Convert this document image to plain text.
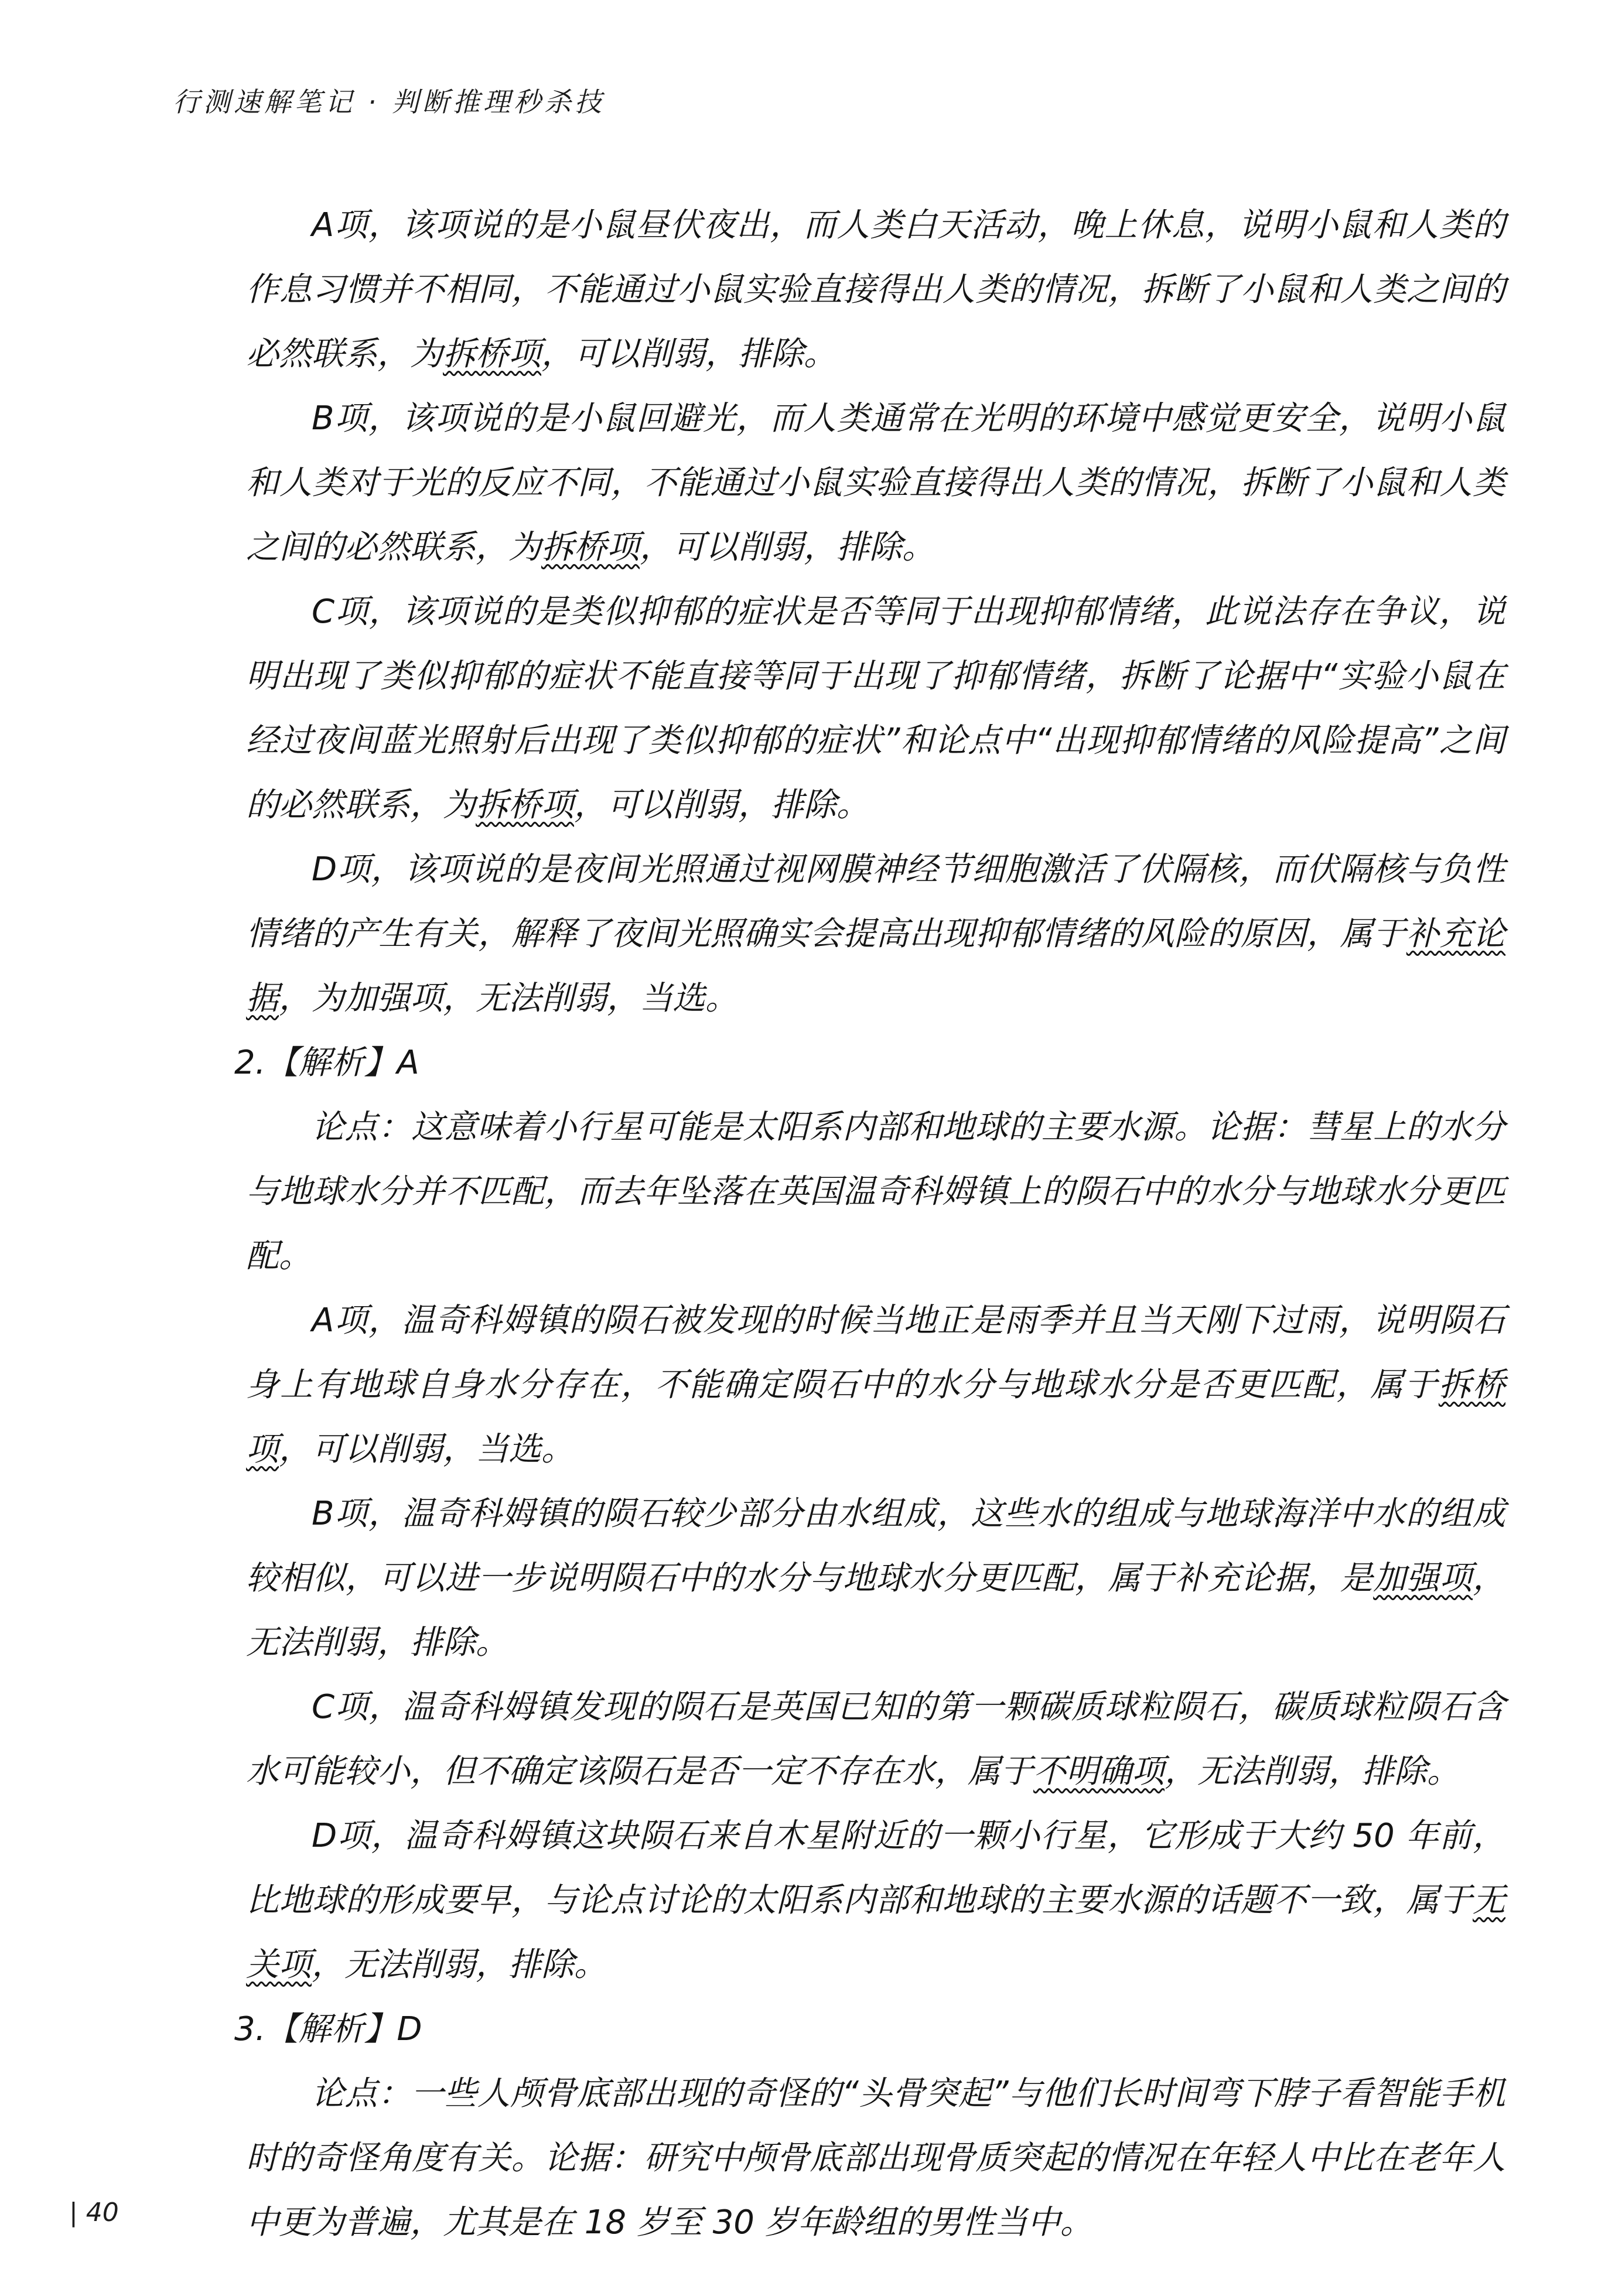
行测速解笔记 · 判断推理秒杀技

A项，该项说的是小鼠昼伏夜出，而人类白天活动，晚上休息，说明小鼠和人类的作息习惯并不相同，不能通过小鼠实验直接得出人类的情况，拆断了小鼠和人类之间的必然联系，为拆桥项，可以削弱，排除。

B项，该项说的是小鼠回避光，而人类通常在光明的环境中感觉更安全，说明小鼠和人类对于光的反应不同，不能通过小鼠实验直接得出人类的情况，拆断了小鼠和人类之间的必然联系，为拆桥项，可以削弱，排除。

C项，该项说的是类似抑郁的症状是否等同于出现抑郁情绪，此说法存在争议，说明出现了类似抑郁的症状不能直接等同于出现了抑郁情绪，拆断了论据中“实验小鼠在经过夜间蓝光照射后出现了类似抑郁的症状”和论点中“出现抑郁情绪的风险提高”之间的必然联系，为拆桥项，可以削弱，排除。

D项，该项说的是夜间光照通过视网膜神经节细胞激活了伏隔核，而伏隔核与负性情绪的产生有关，解释了夜间光照确实会提高出现抑郁情绪的风险的原因，属于补充论据，为加强项，无法削弱，当选。

2.【解析】A

论点：这意味着小行星可能是太阳系内部和地球的主要水源。论据：彗星上的水分与地球水分并不匹配，而去年坠落在英国温奇科姆镇上的陨石中的水分与地球水分更匹配。

A项，温奇科姆镇的陨石被发现的时候当地正是雨季并且当天刚下过雨，说明陨石身上有地球自身水分存在，不能确定陨石中的水分与地球水分是否更匹配，属于拆桥项，可以削弱，当选。

B项，温奇科姆镇的陨石较少部分由水组成，这些水的组成与地球海洋中水的组成较相似，可以进一步说明陨石中的水分与地球水分更匹配，属于补充论据，是加强项，无法削弱，排除。

C项，温奇科姆镇发现的陨石是英国已知的第一颗碳质球粒陨石，碳质球粒陨石含水可能较小，但不确定该陨石是否一定不存在水，属于不明确项，无法削弱，排除。

D项，温奇科姆镇这块陨石来自木星附近的一颗小行星，它形成于大约 50 年前，比地球的形成要早，与论点讨论的太阳系内部和地球的主要水源的话题不一致，属于无关项，无法削弱，排除。

3.【解析】D

论点：一些人颅骨底部出现的奇怪的“头骨突起”与他们长时间弯下脖子看智能手机时的奇怪角度有关。论据：研究中颅骨底部出现骨质突起的情况在年轻人中比在老年人中更为普遍，尤其是在 18 岁至 30 岁年龄组的男性当中。

| 40
